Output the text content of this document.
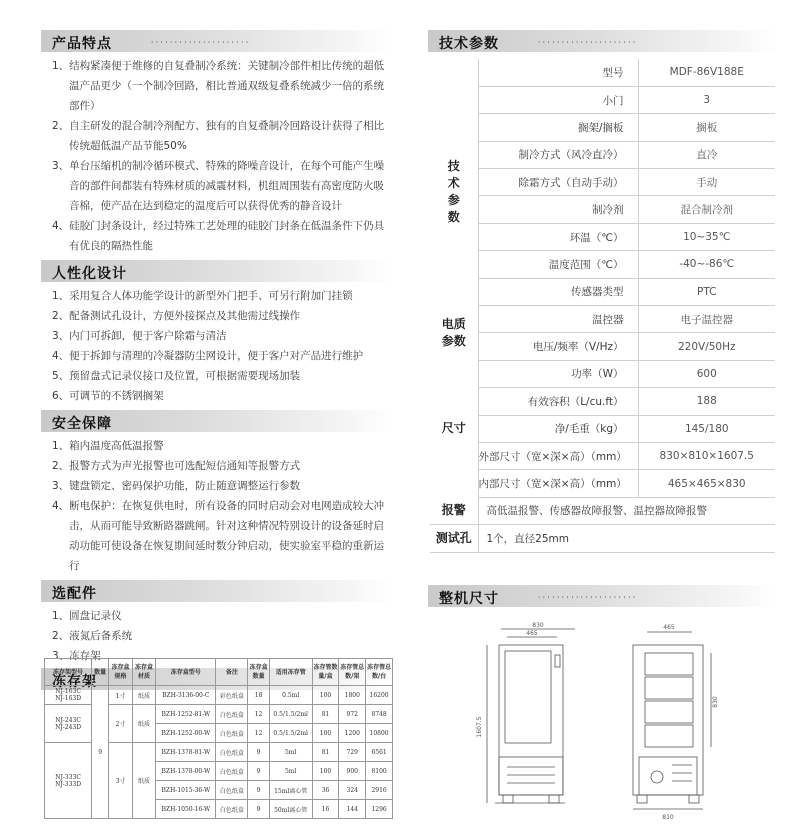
产品特点	' ' ' ' ' ' ' ' ' ' ' ' ' ' ' ' ' ' ' ' '
1、结构紧凑便于维修的自复叠制冷系统：关键制冷部件相比传统的超低
温产品更少（一个制冷回路，相比普通双级复叠系统减少一倍的系统
部件）
2、自主研发的混合制冷剂配方、独有的自复叠制冷回路设计获得了相比
传统超低温产品节能50%
3、单台压缩机的制冷循环模式、特殊的降噪音设计，在每个可能产生噪
音的部件间都装有特殊材质的减震材料，机组周围装有高密度防火吸
音棉，使产品在达到稳定的温度后可以获得优秀的静音设计
4、硅胶门封条设计，经过特殊工艺处理的硅胶门封条在低温条件下仍具
有优良的隔热性能
人性化设计
1、采用复合人体功能学设计的新型外门把手、可另行附加门挂锁
2、配备测试孔设计，方便外接探点及其他需过线操作
3、内门可拆卸，便于客户除霜与清洁
4、便于拆卸与清理的冷凝器防尘网设计，便于客户对产品进行维护
5、预留盘式记录仪接口及位置，可根据需要现场加装
6、可调节的不锈钢搁架
安全保障
1、箱内温度高低温报警
2、报警方式为声光报警也可选配短信通知等报警方式
3、键盘锁定、密码保护功能，防止随意调整运行参数
4、断电保护：在恢复供电时，所有设备的同时启动会对电网造成较大冲
击，从而可能导致断路器跳闸。针对这种情况特别设计的设备延时启
动功能可使设备在恢复期间延时数分钟启动，使实验室平稳的重新运行
选配件
1、圆盘记录仪
2、液氮后备系统
3、冻存架
冻存架
冻存架型号	数量	冻存盒规格	冻存盒材质	冻存盒型号	备注	冻存盒数量	适用冻存管	冻存管数量/盒	冻存管总数/架	冻存管总数/台
NJ-163C
NJ-163D	9	1寸	纸质	BZH-3136-00-C	彩色纸盒	18	0.5ml	100	1800	16200
NJ-243C
NJ-243D		2寸	纸质	BZH-1252-81-W	白色纸盒	12	0.5/1.5/2ml	81	972	8748
				BZH-1252-00-W	白色纸盒	12	0.5/1.5/2ml	100	1200	10800
NJ-333C
NJ-333D		3寸	纸质	BZH-1378-81-W	白色纸盒	9	5ml	81	729	6561
				BZH-1378-00-W	白色纸盒	9	5ml	100	900	8100
				BZH-1015-36-W	白色纸盒	9	15ml离心管	36	324	2916
				BZH-1050-16-W	白色纸盒	9	50ml离心管	16	144	1296
技术参数	' ' ' ' ' ' ' ' ' ' ' ' ' ' ' ' ' ' ' ' '
技术参数	型号	MDF-86V188E
	小门	3
	搁架/搁板	搁板
	制冷方式（风冷直冷）	直冷
	除霜方式（自动手动）	手动
	制冷剂	混合制冷剂
	环温（℃）	10~35℃
	温度范围（℃）	-40~-86℃
	传感器类型	PTC
电质参数	温控器	电子温控器
	电压/频率（V/Hz）	220V/50Hz
尺寸	功率（W）	600
	有效容积（L/cu.ft）	188
	净/毛重（kg）	145/180
	外部尺寸（宽×深×高）（mm）	830×810×1607.5
	内部尺寸（宽×深×高）（mm）	465×465×830
报警	高低温报警、传感器故障报警、温控器故障报警	
测试孔	1个，直径25mm	
整机尺寸	' ' ' ' ' ' ' ' ' ' ' ' ' ' ' ' ' ' ' ' '
830
465
1607.5
465
830
810
